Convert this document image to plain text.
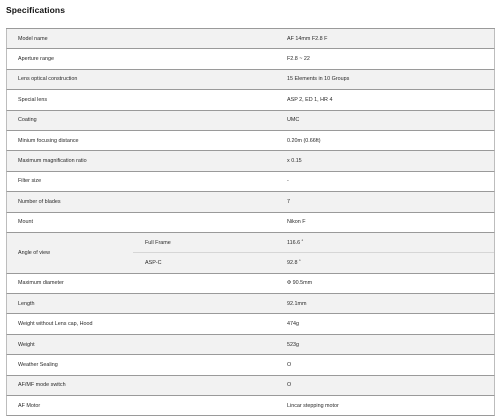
Specifications
Model name	AF 14mm F2.8 F
Aperture range	F2.8 ~ 22
Lens optical construction	15 Elements in 10 Groups
Special lens	ASP 2, ED 1, HR 4
Coating	UMC
Minium focusing distance	0.20m (0.66ft)
Maximum magnification ratio	x 0.15
Filter size	-
Number of blades	7
Mount	Nikon F
Angle of view
Full Frame	116.6 ˚
ASP-C	92.8 ˚
Maximum diameter	Ф 90.5mm
Length	92.1mm
Weight without Lens cap, Hood	474g
Weight	523g
Weather Sealing	O
AF/MF mode switch	O
AF Motor	Lincar stepping motor
